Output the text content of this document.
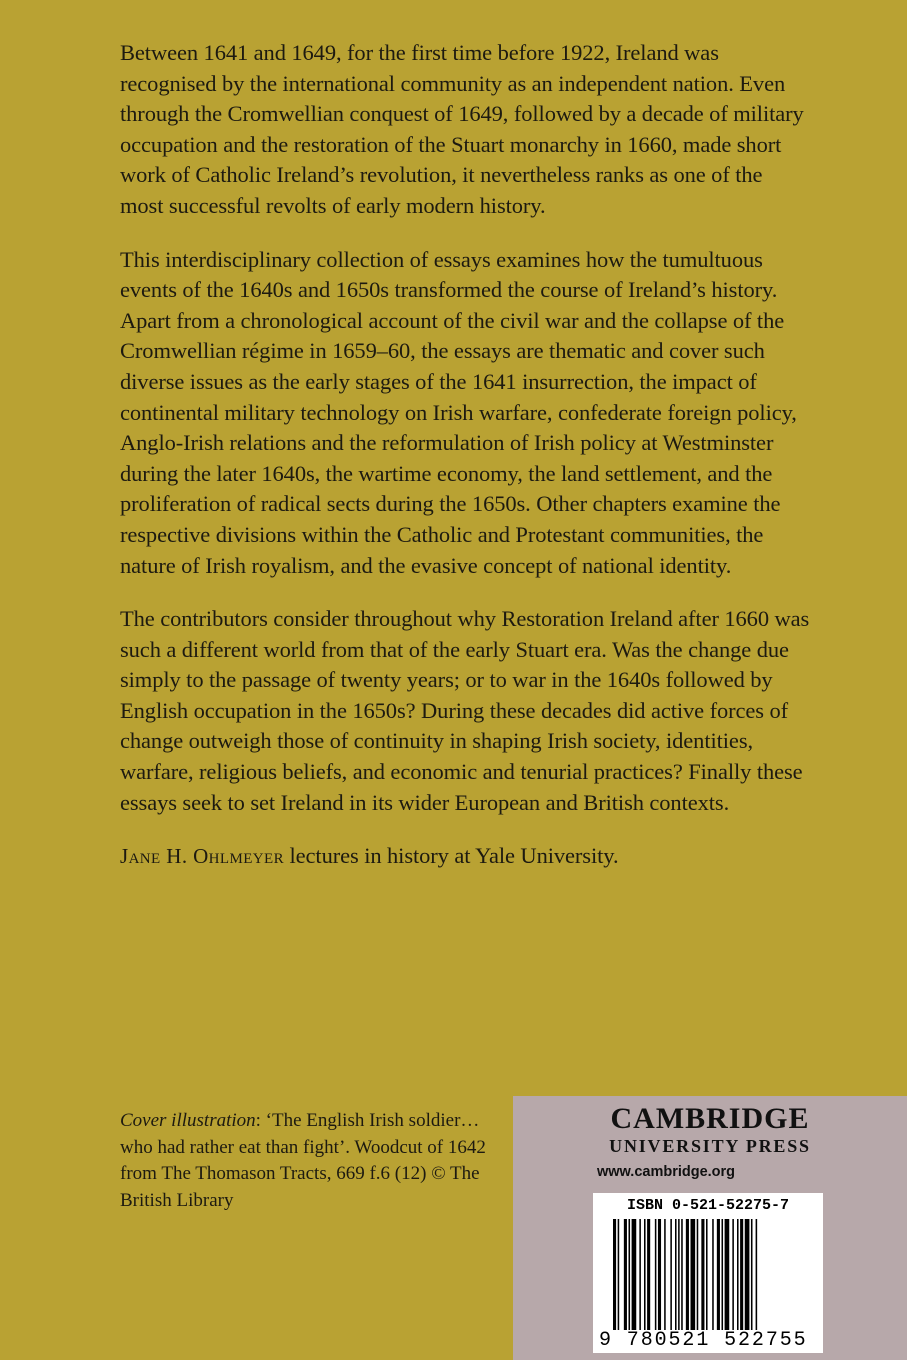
Between 1641 and 1649, for the first time before 1922, Ireland was recognised by the international community as an independent nation. Even through the Cromwellian conquest of 1649, followed by a decade of military occupation and the restoration of the Stuart monarchy in 1660, made short work of Catholic Ireland’s revolution, it nevertheless ranks as one of the most successful revolts of early modern history.

This interdisciplinary collection of essays examines how the tumultuous events of the 1640s and 1650s transformed the course of Ireland’s history. Apart from a chronological account of the civil war and the collapse of the Cromwellian régime in 1659–60, the essays are thematic and cover such diverse issues as the early stages of the 1641 insurrection, the impact of continental military technology on Irish warfare, confederate foreign policy, Anglo-Irish relations and the reformulation of Irish policy at Westminster during the later 1640s, the wartime economy, the land settlement, and the proliferation of radical sects during the 1650s. Other chapters examine the respective divisions within the Catholic and Protestant communities, the nature of Irish royalism, and the evasive concept of national identity.

The contributors consider throughout why Restoration Ireland after 1660 was such a different world from that of the early Stuart era. Was the change due simply to the passage of twenty years; or to war in the 1640s followed by English occupation in the 1650s? During these decades did active forces of change outweigh those of continuity in shaping Irish society, identities, warfare, religious beliefs, and economic and tenurial practices? Finally these essays seek to set Ireland in its wider European and British contexts.

Jane H. Ohlmeyer lectures in history at Yale University.

Cover illustration: ‘The English Irish soldier…who had rather eat than fight’. Woodcut of 1642 from The Thomason Tracts, 669 f.6 (12) © The British Library
CAMBRIDGE
UNIVERSITY PRESS
www.cambridge.org
ISBN 0-521-52275-7
9 780521 522755
